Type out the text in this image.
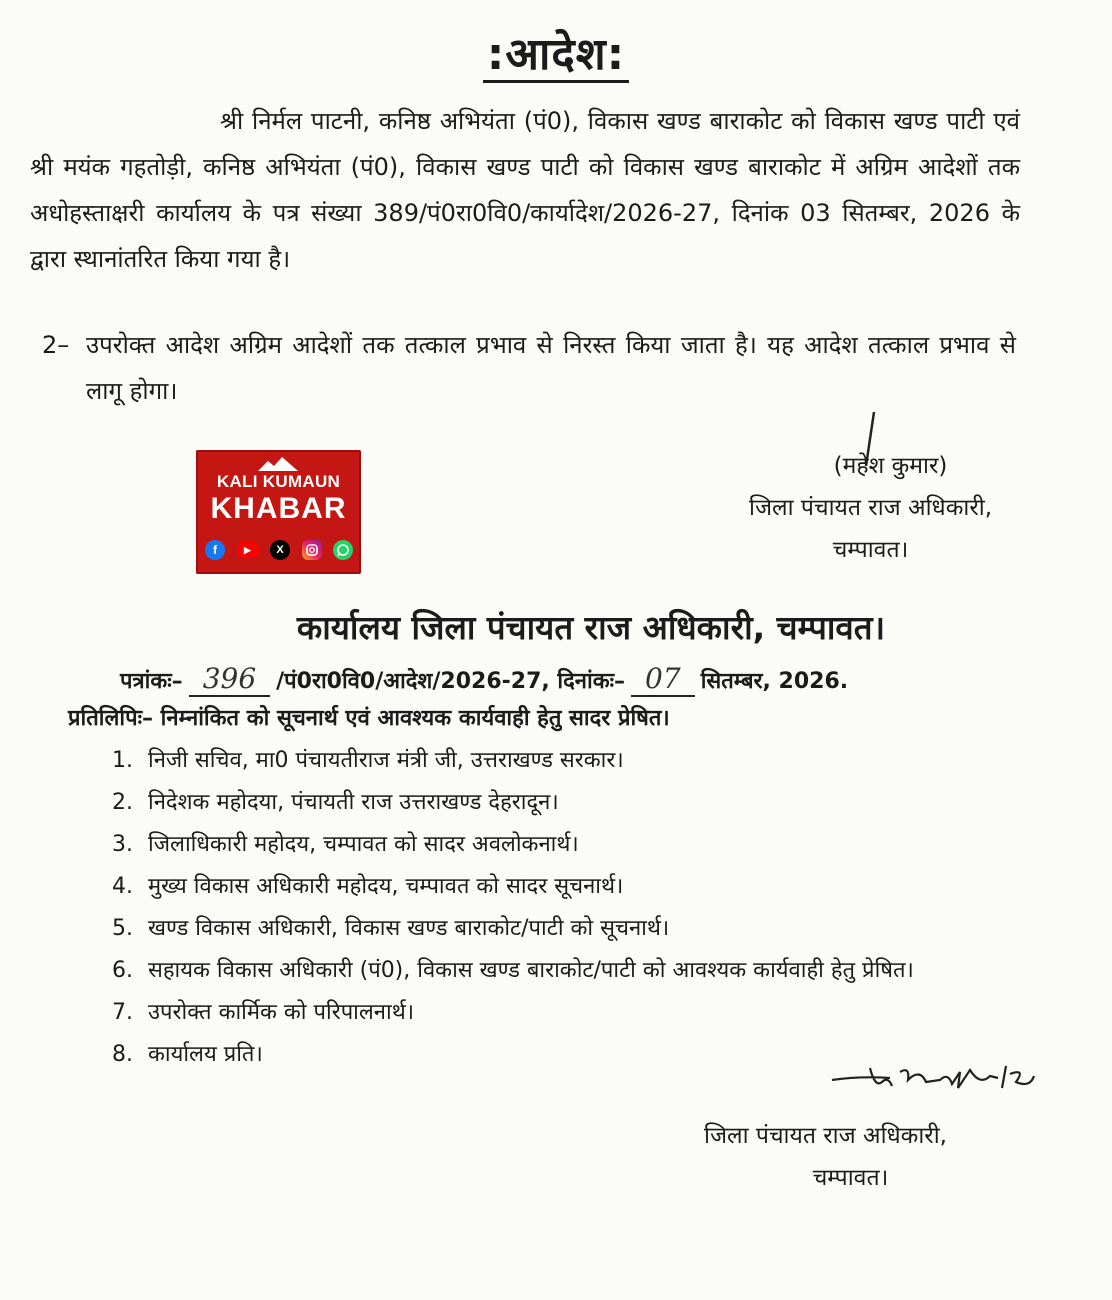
:आदेश:
श्री निर्मल पाटनी, कनिष्ठ अभियंता (पं0), विकास खण्ड बाराकोट को विकास खण्ड पाटी एवं श्री मयंक गहतोड़ी, कनिष्ठ अभियंता (पं0), विकास खण्ड पाटी को विकास खण्ड बाराकोट में अग्रिम आदेशों तक अधोहस्ताक्षरी कार्यालय के पत्र संख्या 389/पं0रा0वि0/कार्यादेश/2026-27, दिनांक 03 सितम्बर, 2026 के द्वारा स्थानांतरित किया गया है।
2– उपरोक्त आदेश अग्रिम आदेशों तक तत्काल प्रभाव से निरस्त किया जाता है। यह आदेश तत्काल प्रभाव से लागू होगा।
(महेश कुमार)
जिला पंचायत राज अधिकारी,
चम्पावत।
KALI KUMAUN
KHABAR
f	▶	X
कार्यालय जिला पंचायत राज अधिकारी, चम्पावत।
पत्रांकः– 396 /पं0रा0वि0/आदेश/2026-27, दिनांकः– 07 सितम्बर, 2026.
प्रतिलिपिः– निम्नांकित को सूचनार्थ एवं आवश्यक कार्यवाही हेतु सादर प्रेषित।
1. निजी सचिव, मा0 पंचायतीराज मंत्री जी, उत्तराखण्ड सरकार।
2. निदेशक महोदया, पंचायती राज उत्तराखण्ड देहरादून।
3. जिलाधिकारी महोदय, चम्पावत को सादर अवलोकनार्थ।
4. मुख्य विकास अधिकारी महोदय, चम्पावत को सादर सूचनार्थ।
5. खण्ड विकास अधिकारी, विकास खण्ड बाराकोट/पाटी को सूचनार्थ।
6. सहायक विकास अधिकारी (पं0), विकास खण्ड बाराकोट/पाटी को आवश्यक कार्यवाही हेतु प्रेषित।
7. उपरोक्त कार्मिक को परिपालनार्थ।
8. कार्यालय प्रति।
जिला पंचायत राज अधिकारी,
चम्पावत।
